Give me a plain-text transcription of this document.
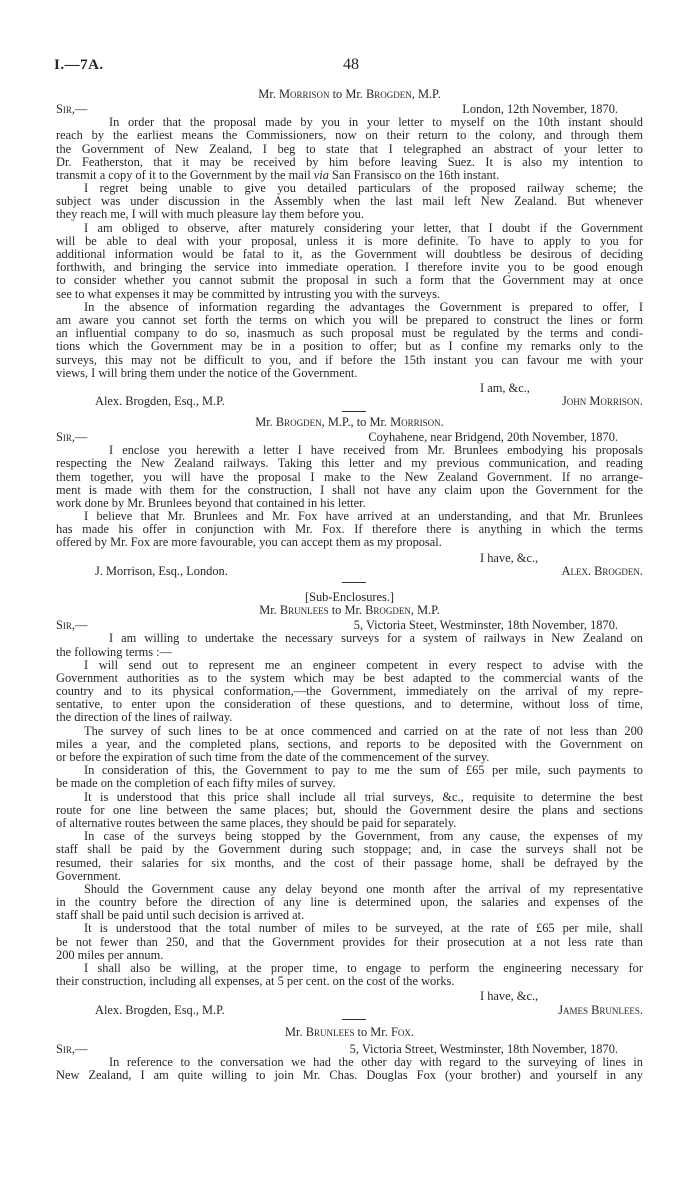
I.—7A.	48
Mr. Morrison to Mr. Brogden, M.P.
Sir,—	London, 12th November, 1870.
In order that the proposal made by you in your letter to myself on the 10th instant should
reach by the earliest means the Commissioners, now on their return to the colony, and through them
the Government of New Zealand, I beg to state that I telegraphed an abstract of your letter to
Dr. Featherston, that it may be received by him before leaving Suez. It is also my intention to
transmit a copy of it to the Government by the mail via San Fransisco on the 16th instant.
I regret being unable to give you detailed particulars of the proposed railway scheme; the
subject was under discussion in the Assembly when the last mail left New Zealand. But whenever
they reach me, I will with much pleasure lay them before you.
I am obliged to observe, after maturely considering your letter, that I doubt if the Government
will be able to deal with your proposal, unless it is more definite. To have to apply to you for
additional information would be fatal to it, as the Government will doubtless be desirous of deciding
forthwith, and bringing the service into immediate operation. I therefore invite you to be good enough
to consider whether you cannot submit the proposal in such a form that the Government may at once
see to what expenses it may be committed by intrusting you with the surveys.
In the absence of information regarding the advantages the Government is prepared to offer, I
am aware you cannot set forth the terms on which you will be prepared to construct the lines or form
an influential company to do so, inasmuch as such proposal must be regulated by the terms and condi-
tions which the Government may be in a position to offer; but as I confine my remarks only to the
surveys, this may not be difficult to you, and if before the 15th instant you can favour me with your
views, I will bring them under the notice of the Government.
I am, &c.,
Alex. Brogden, Esq., M.P.	John Morrison.
Mr. Brogden, M.P., to Mr. Morrison.
Sir,—	Coyhahene, near Bridgend, 20th November, 1870.
I enclose you herewith a letter I have received from Mr. Brunlees embodying his proposals
respecting the New Zealand railways. Taking this letter and my previous communication, and reading
them together, you will have the proposal I make to the New Zealand Government. If no arrange-
ment is made with them for the construction, I shall not have any claim upon the Government for the
work done by Mr. Brunlees beyond that contained in his letter.
I believe that Mr. Brunlees and Mr. Fox have arrived at an understanding, and that Mr. Brunlees
has made his offer in conjunction with Mr. Fox. If therefore there is anything in which the terms
offered by Mr. Fox are more favourable, you can accept them as my proposal.
I have, &c.,
J. Morrison, Esq., London.	Alex. Brogden.
[Sub-Enclosures.]
Mr. Brunlees to Mr. Brogden, M.P.
Sir,—	5, Victoria Steet, Westminster, 18th November, 1870.
I am willing to undertake the necessary surveys for a system of railways in New Zealand on
the following terms :—
I will send out to represent me an engineer competent in every respect to advise with the
Government authorities as to the system which may be best adapted to the commercial wants of the
country and to its physical conformation,—the Government, immediately on the arrival of my repre-
sentative, to enter upon the consideration of these questions, and to determine, without loss of time,
the direction of the lines of railway.
The survey of such lines to be at once commenced and carried on at the rate of not less than 200
miles a year, and the completed plans, sections, and reports to be deposited with the Government on
or before the expiration of such time from the date of the commencement of the survey.
In consideration of this, the Government to pay to me the sum of £65 per mile, such payments to
be made on the completion of each fifty miles of survey.
It is understood that this price shall include all trial surveys, &c., requisite to determine the best
route for one line between the same places; but, should the Government desire the plans and sections
of alternative routes between the same places, they should be paid for separately.
In case of the surveys being stopped by the Government, from any cause, the expenses of my
staff shall be paid by the Government during such stoppage; and, in case the surveys shall not be
resumed, their salaries for six months, and the cost of their passage home, shall be defrayed by the
Government.
Should the Government cause any delay beyond one month after the arrival of my representative
in the country before the direction of any line is determined upon, the salaries and expenses of the
staff shall be paid until such decision is arrived at.
It is understood that the total number of miles to be surveyed, at the rate of £65 per mile, shall
be not fewer than 250, and that the Government provides for their prosecution at a not less rate than
200 miles per annum.
I shall also be willing, at the proper time, to engage to perform the engineering necessary for
their construction, including all expenses, at 5 per cent. on the cost of the works.
I have, &c.,
Alex. Brogden, Esq., M.P.	James Brunlees.
Mr. Brunlees to Mr. Fox.
Sir,—	5, Victoria Street, Westminster, 18th November, 1870.
In reference to the conversation we had the other day with regard to the surveying of lines in
New Zealand, I am quite willing to join Mr. Chas. Douglas Fox (your brother) and yourself in any
